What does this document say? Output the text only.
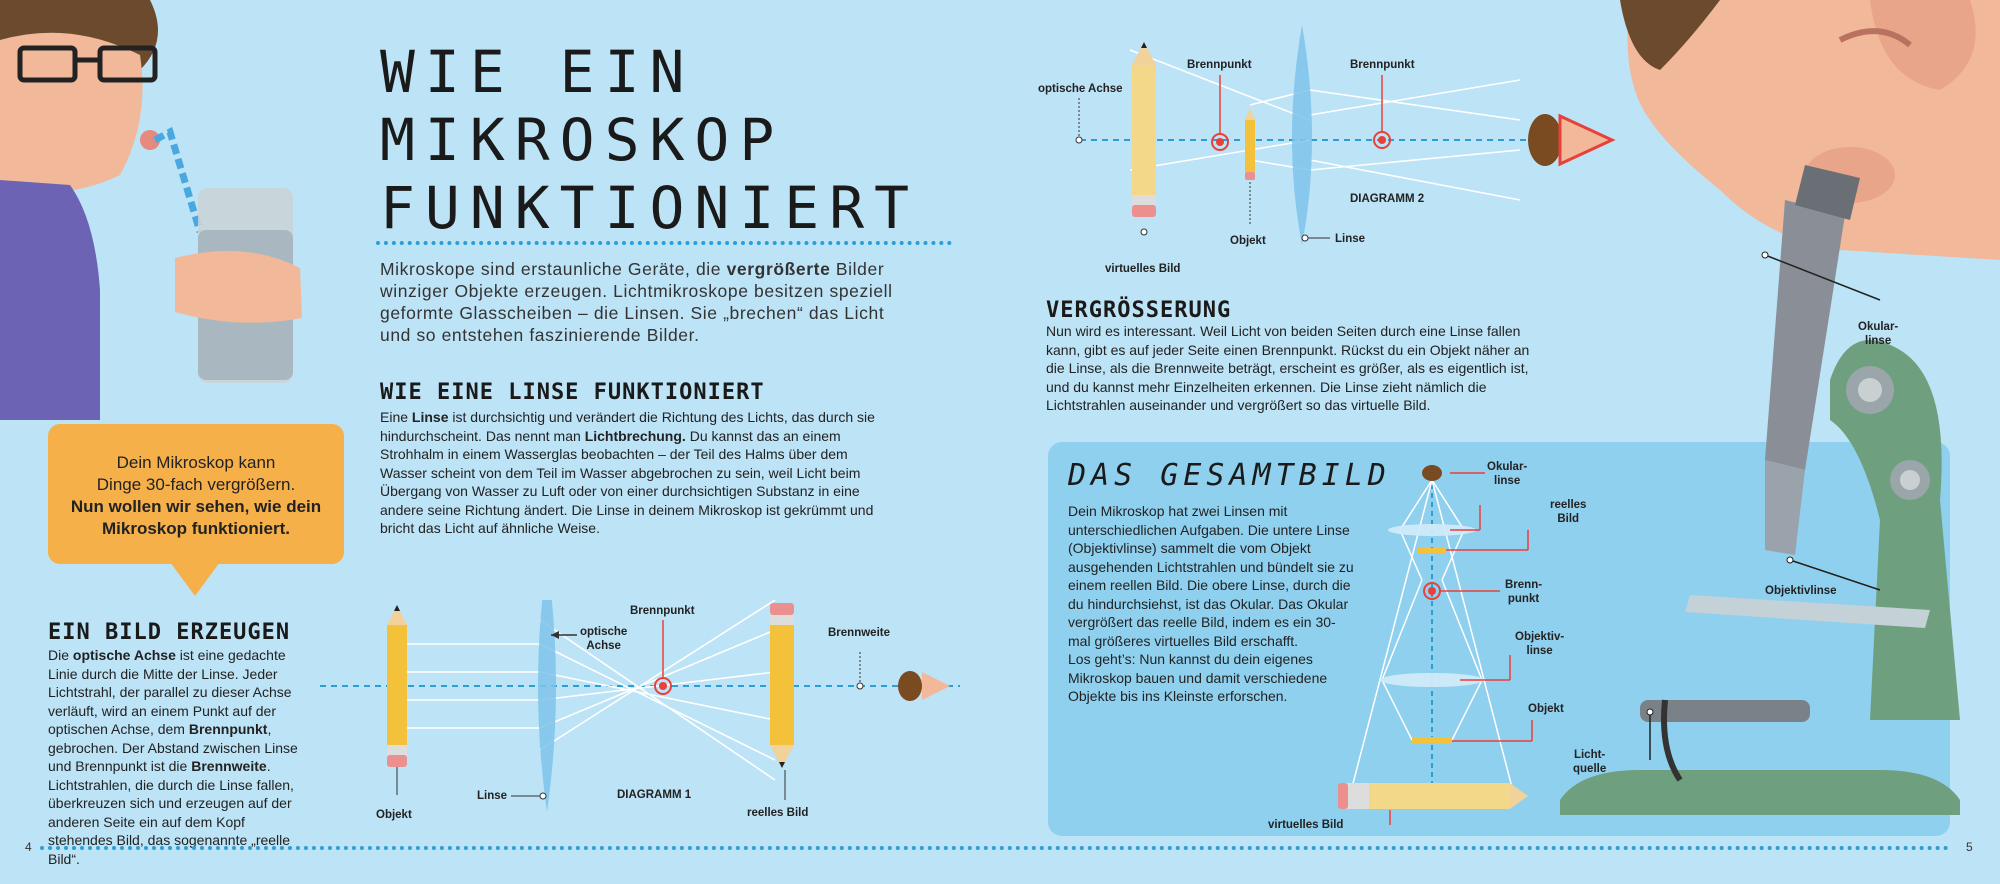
Dein Mikroskop kann
Dinge 30-fach vergrößern.
Nun wollen wir sehen, wie dein
Mikroskop funktioniert.
WIE EIN
MIKROSKOP
FUNKTIONIERT
Mikroskope sind erstaunliche Geräte, die vergrößerte Bilder winziger Objekte erzeugen. Lichtmikroskope besitzen speziell geformte Glasscheiben – die Linsen. Sie „brechen“ das Licht und so entstehen faszinierende Bilder.
WIE EINE LINSE FUNKTIONIERT
Eine Linse ist durchsichtig und verändert die Richtung des Lichts, das durch sie hindurchscheint. Das nennt man Lichtbrechung. Du kannst das an einem Strohhalm in einem Wasserglas beobachten – der Teil des Halms über dem Wasser scheint von dem Teil im Wasser abgebrochen zu sein, weil Licht beim Übergang von Wasser zu Luft oder von einer durchsichtigen Substanz in eine andere seine Richtung ändert. Die Linse in deinem Mikroskop ist gekrümmt und bricht das Licht auf ähnliche Weise.
EIN BILD ERZEUGEN
Die optische Achse ist eine gedachte Linie durch die Mitte der Linse. Jeder Lichtstrahl, der parallel zu dieser Achse verläuft, wird an einem Punkt auf der optischen Achse, dem Brennpunkt, gebrochen. Der Abstand zwischen Linse und Brennpunkt ist die Brennweite. Lichtstrahlen, die durch die Linse fallen, überkreuzen sich und erzeugen auf der anderen Seite ein auf dem Kopf stehendes Bild, das sogenannte „reelle Bild“.
optische
Achse
Brennpunkt
Brennweite
Objekt
Linse	DIAGRAMM 1
reelles Bild
optische Achse
Brennpunkt	Brennpunkt
DIAGRAMM 2
Objekt	Linse
virtuelles Bild
VERGRÖSSERUNG
Nun wird es interessant. Weil Licht von beiden Seiten durch eine Linse fallen kann, gibt es auf jeder Seite einen Brennpunkt. Rückst du ein Objekt näher an die Linse, als die Brennweite beträgt, erscheint es größer, als es eigentlich ist, und du kannst mehr Einzelheiten erkennen. Die Linse zieht nämlich die Lichtstrahlen auseinander und vergrößert so das virtuelle Bild.
DAS GESAMTBILD
Dein Mikroskop hat zwei Linsen mit unterschiedlichen Aufgaben. Die untere Linse (Objektivlinse) sammelt die vom Objekt ausgehenden Lichtstrahlen und bündelt sie zu einem reellen Bild. Die obere Linse, durch die du hindurchsiehst, ist das Okular. Das Okular vergrößert das reelle Bild, indem es ein 30-mal größeres virtuelles Bild erschafft.
Los geht’s: Nun kannst du dein eigenes Mikroskop bauen und damit verschiedene Objekte bis ins Kleinste erforschen.
Okular-
linse
reelles
Bild
Brenn-
punkt
Objektiv-
linse
Objekt
virtuelles Bild
Okular-
linse
Objektivlinse
Licht-
quelle
4	5
